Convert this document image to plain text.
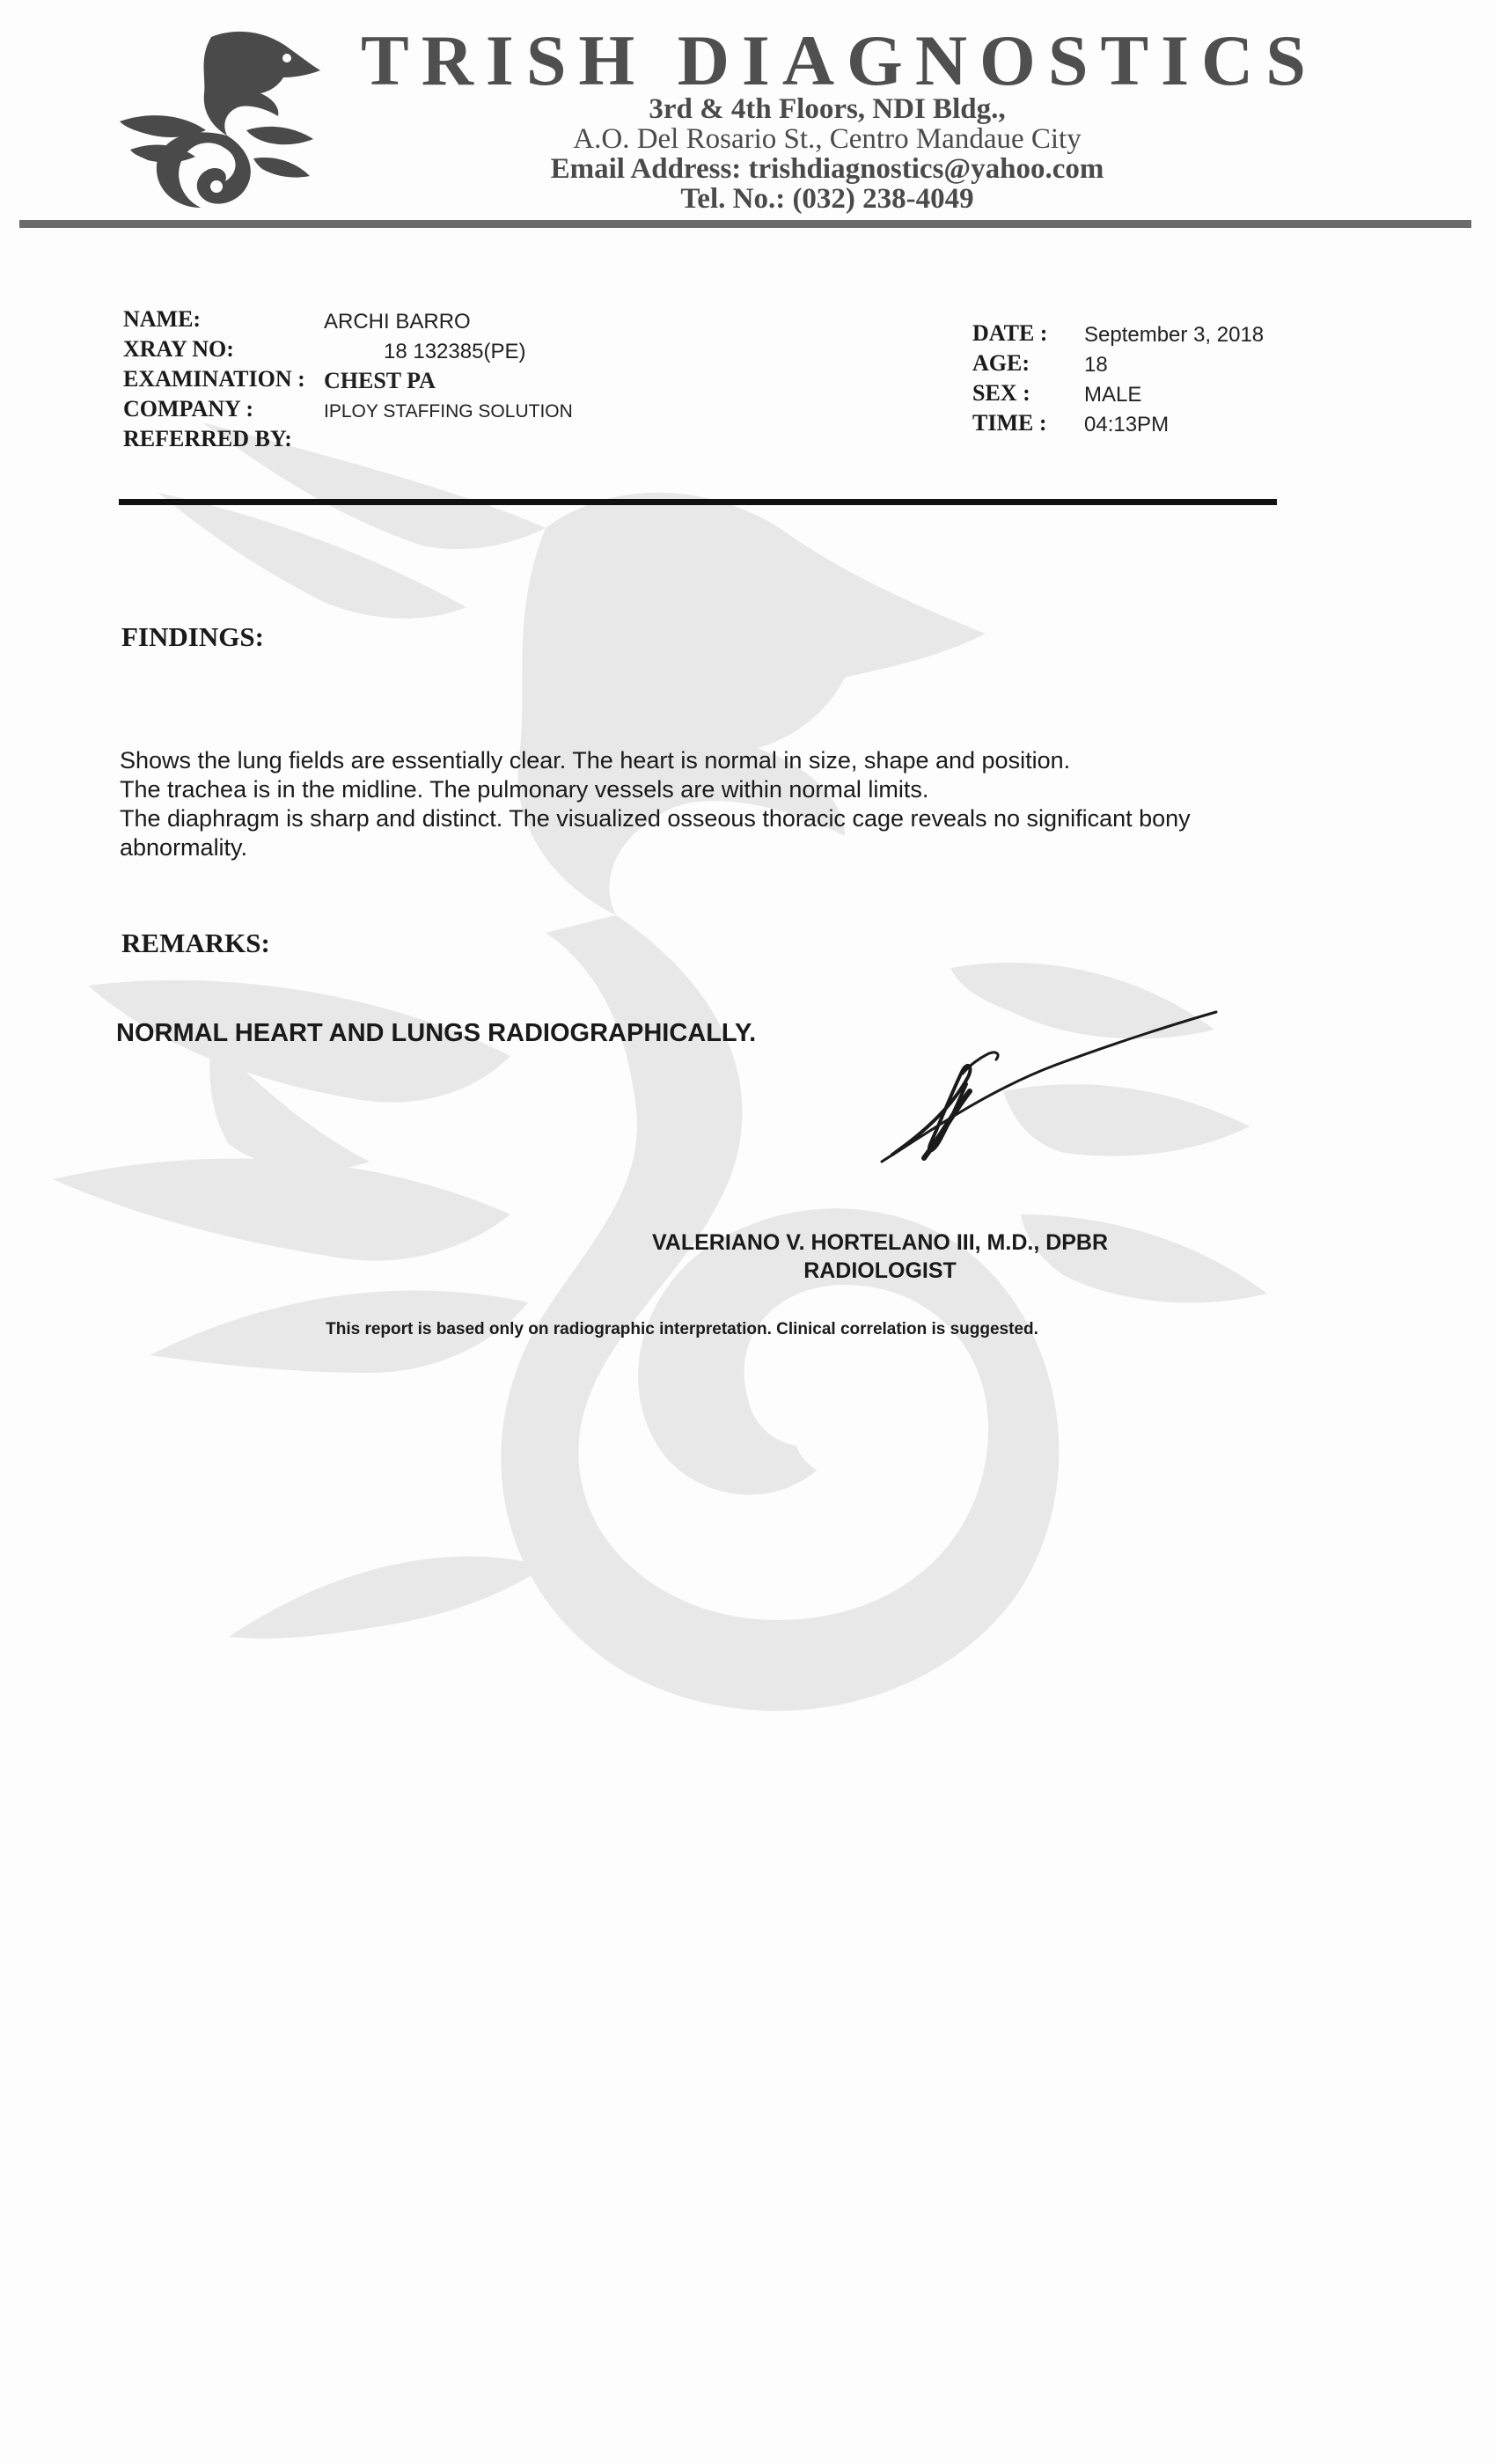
TRISH DIAGNOSTICS
3rd & 4th Floors, NDI Bldg.,
A.O. Del Rosario St., Centro Mandaue City
Email Address: trishdiagnostics@yahoo.com
Tel. No.: (032) 238-4049
NAME:	ARCHI BARRO
XRAY NO:	18 132385(PE)
EXAMINATION : CHEST PA
COMPANY :	IPLOY STAFFING SOLUTION
REFERRED BY:
DATE : September 3, 2018
AGE:	18
SEX :	MALE
TIME : 04:13PM
FINDINGS:

Shows the lung fields are essentially clear. The heart is normal in size, shape and position.

The trachea is in the midline. The pulmonary vessels are within normal limits.

The diaphragm is sharp and distinct. The visualized osseous thoracic cage reveals no significant bony abnormality.

REMARKS:
NORMAL HEART AND LUNGS RADIOGRAPHICALLY.
VALERIANO V. HORTELANO III, M.D., DPBR
RADIOLOGIST
This report is based only on radiographic interpretation. Clinical correlation is suggested.
